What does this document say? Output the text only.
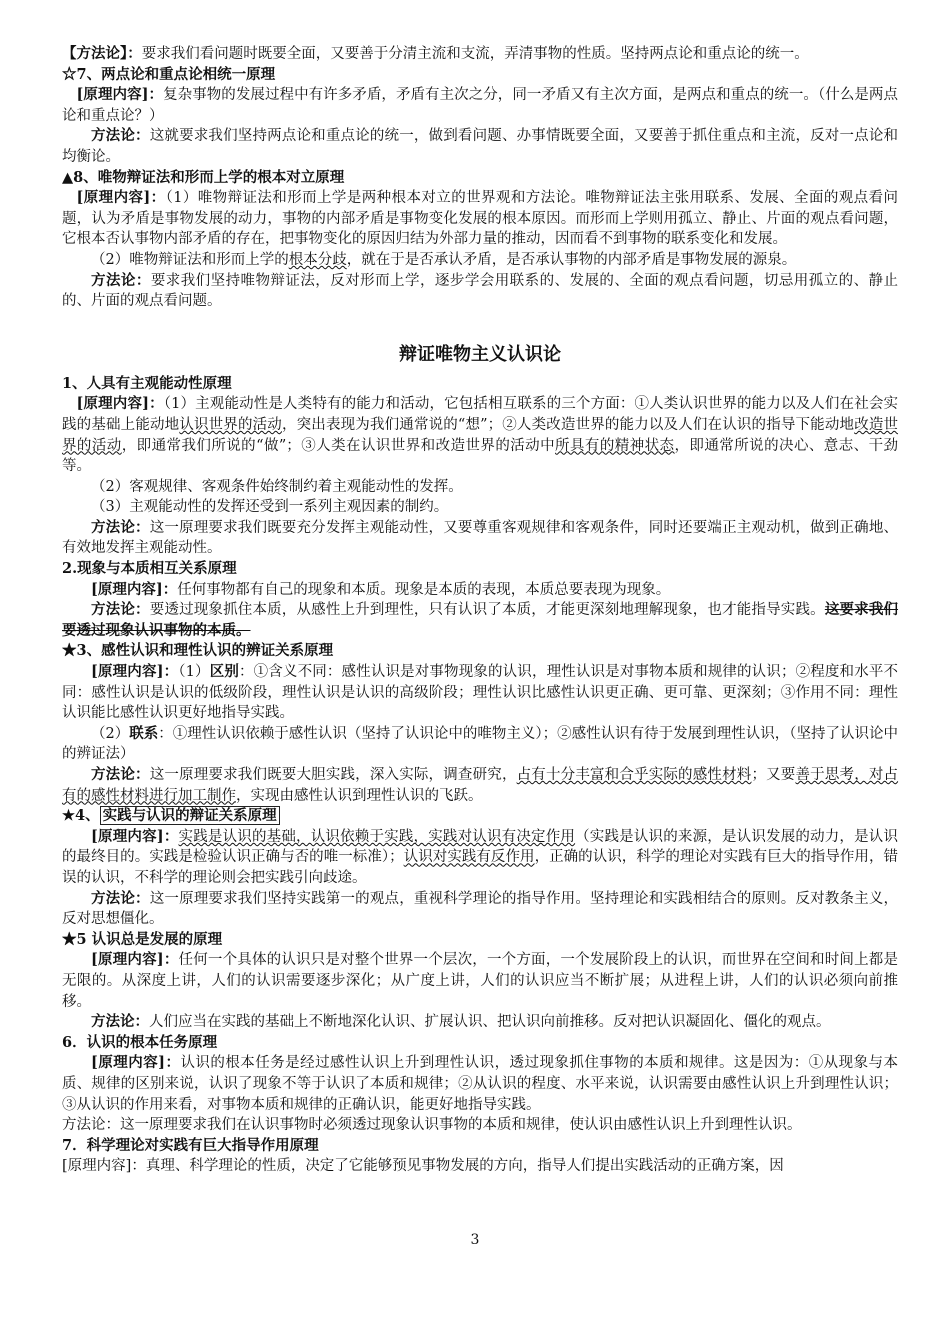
【方法论】：要求我们看问题时既要全面，又要善于分清主流和支流，弄清事物的性质。坚持两点论和重点论的统一。

☆7、两点论和重点论相统一原理

[原理内容]：复杂事物的发展过程中有许多矛盾，矛盾有主次之分，同一矛盾又有主次方面，是两点和重点的统一。（什么是两点论和重点论？）

方法论：这就要求我们坚持两点论和重点论的统一，做到看问题、办事情既要全面，又要善于抓住重点和主流，反对一点论和均衡论。

▲8、唯物辩证法和形而上学的根本对立原理

[原理内容]：（1）唯物辩证法和形而上学是两种根本对立的世界观和方法论。唯物辩证法主张用联系、发展、全面的观点看问题，认为矛盾是事物发展的动力，事物的内部矛盾是事物变化发展的根本原因。而形而上学则用孤立、静止、片面的观点看问题，它根本否认事物内部矛盾的存在，把事物变化的原因归结为外部力量的推动，因而看不到事物的联系变化和发展。

（2）唯物辩证法和形而上学的根本分歧，就在于是否承认矛盾，是否承认事物的内部矛盾是事物发展的源泉。

方法论：要求我们坚持唯物辩证法，反对形而上学，逐步学会用联系的、发展的、全面的观点看问题，切忌用孤立的、静止的、片面的观点看问题。

辩证唯物主义认识论

1、人具有主观能动性原理

[原理内容]：（1）主观能动性是人类特有的能力和活动，它包括相互联系的三个方面：①人类认识世界的能力以及人们在社会实践的基础上能动地认识世界的活动，突出表现为我们通常说的“想”；②人类改造世界的能力以及人们在认识的指导下能动地改造世界的活动，即通常我们所说的“做”；③人类在认识世界和改造世界的活动中所具有的精神状态，即通常所说的决心、意志、干劲等。

（2）客观规律、客观条件始终制约着主观能动性的发挥。

（3）主观能动性的发挥还受到一系列主观因素的制约。

方法论：这一原理要求我们既要充分发挥主观能动性，又要尊重客观规律和客观条件，同时还要端正主观动机，做到正确地、有效地发挥主观能动性。

2.现象与本质相互关系原理

[原理内容]：任何事物都有自己的现象和本质。现象是本质的表现，本质总要表现为现象。

方法论：要透过现象抓住本质，从感性上升到理性，只有认识了本质，才能更深刻地理解现象，也才能指导实践。这要求我们要透过现象认识事物的本质。

★3、感性认识和理性认识的辨证关系原理

[原理内容]：（1）区别：①含义不同：感性认识是对事物现象的认识，理性认识是对事物本质和规律的认识；②程度和水平不同：感性认识是认识的低级阶段，理性认识是认识的高级阶段；理性认识比感性认识更正确、更可靠、更深刻；③作用不同：理性认识能比感性认识更好地指导实践。

（2）联系：①理性认识依赖于感性认识（坚持了认识论中的唯物主义）；②感性认识有待于发展到理性认识，（坚持了认识论中的辨证法）

方法论：这一原理要求我们既要大胆实践，深入实际，调查研究，占有十分丰富和合乎实际的感性材料；又要善于思考，对占有的感性材料进行加工制作，实现由感性认识到理性认识的飞跃。

★4、 实践与认识的辩证关系原理

[原理内容]：实践是认识的基础，认识依赖于实践，实践对认识有决定作用（实践是认识的来源，是认识发展的动力，是认识的最终目的。实践是检验认识正确与否的唯一标准）；认识对实践有反作用，正确的认识，科学的理论对实践有巨大的指导作用，错误的认识，不科学的理论则会把实践引向歧途。

方法论：这一原理要求我们坚持实践第一的观点，重视科学理论的指导作用。坚持理论和实践相结合的原则。反对教条主义，反对思想僵化。

★5 认识总是发展的原理

[原理内容]：任何一个具体的认识只是对整个世界一个层次，一个方面，一个发展阶段上的认识，而世界在空间和时间上都是无限的。从深度上讲，人们的认识需要逐步深化；从广度上讲，人们的认识应当不断扩展；从进程上讲，人们的认识必须向前推移。

方法论：人们应当在实践的基础上不断地深化认识、扩展认识、把认识向前推移。反对把认识凝固化、僵化的观点。

6．认识的根本任务原理

[原理内容]：认识的根本任务是经过感性认识上升到理性认识，透过现象抓住事物的本质和规律。这是因为：①从现象与本质、规律的区别来说，认识了现象不等于认识了本质和规律；②从认识的程度、水平来说，认识需要由感性认识上升到理性认识；③从认识的作用来看，对事物本质和规律的正确认识，能更好地指导实践。

方法论：这一原理要求我们在认识事物时必须透过现象认识事物的本质和规律，使认识由感性认识上升到理性认识。

7．科学理论对实践有巨大指导作用原理

[原理内容]：真理、科学理论的性质，决定了它能够预见事物发展的方向，指导人们提出实践活动的正确方案，因

3
